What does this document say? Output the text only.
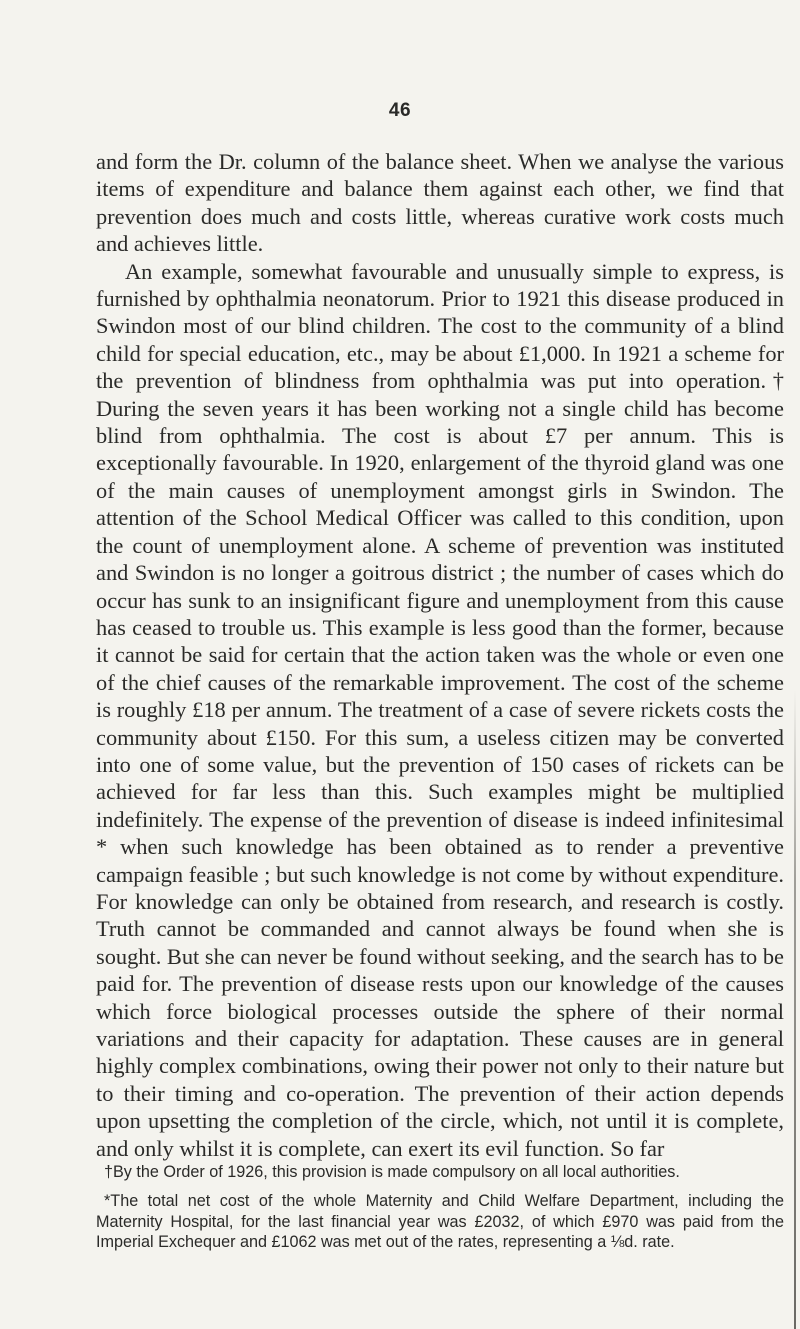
46

and form the Dr. column of the balance sheet. When we analyse the various items of expenditure and balance them against each other, we find that prevention does much and costs little, whereas curative work costs much and achieves little.

An example, somewhat favourable and unusually simple to express, is furnished by ophthalmia neonatorum. Prior to 1921 this disease produced in Swindon most of our blind children. The cost to the community of a blind child for special education, etc., may be about £1,000. In 1921 a scheme for the prevention of blindness from ophthalmia was put into operation.† During the seven years it has been working not a single child has become blind from ophthalmia. The cost is about £7 per annum. This is exceptionally favourable. In 1920, enlargement of the thyroid gland was one of the main causes of unemployment amongst girls in Swindon. The attention of the School Medical Officer was called to this condition, upon the count of unemployment alone. A scheme of prevention was instituted and Swindon is no longer a goitrous district ; the number of cases which do occur has sunk to an insignificant figure and unemployment from this cause has ceased to trouble us. This example is less good than the former, because it cannot be said for certain that the action taken was the whole or even one of the chief causes of the remarkable improvement. The cost of the scheme is roughly £18 per annum. The treatment of a case of severe rickets costs the community about £150. For this sum, a useless citizen may be converted into one of some value, but the prevention of 150 cases of rickets can be achieved for far less than this. Such examples might be multiplied indefinitely. The expense of the prevention of disease is indeed infinitesimal * when such knowledge has been obtained as to render a preventive campaign feasible ; but such knowledge is not come by without expenditure. For knowledge can only be obtained from research, and research is costly. Truth cannot be commanded and cannot always be found when she is sought. But she can never be found without seeking, and the search has to be paid for. The prevention of disease rests upon our knowledge of the causes which force biological processes outside the sphere of their normal variations and their capacity for adaptation. These causes are in general highly complex combinations, owing their power not only to their nature but to their timing and co-operation. The prevention of their action depends upon upsetting the completion of the circle, which, not until it is complete, and only whilst it is complete, can exert its evil function. So far

†By the Order of 1926, this provision is made compulsory on all local authorities.

*The total net cost of the whole Maternity and Child Welfare Department, including the Maternity Hospital, for the last financial year was £2032, of which £970 was paid from the Imperial Exchequer and £1062 was met out of the rates, representing a ⅛d. rate.
